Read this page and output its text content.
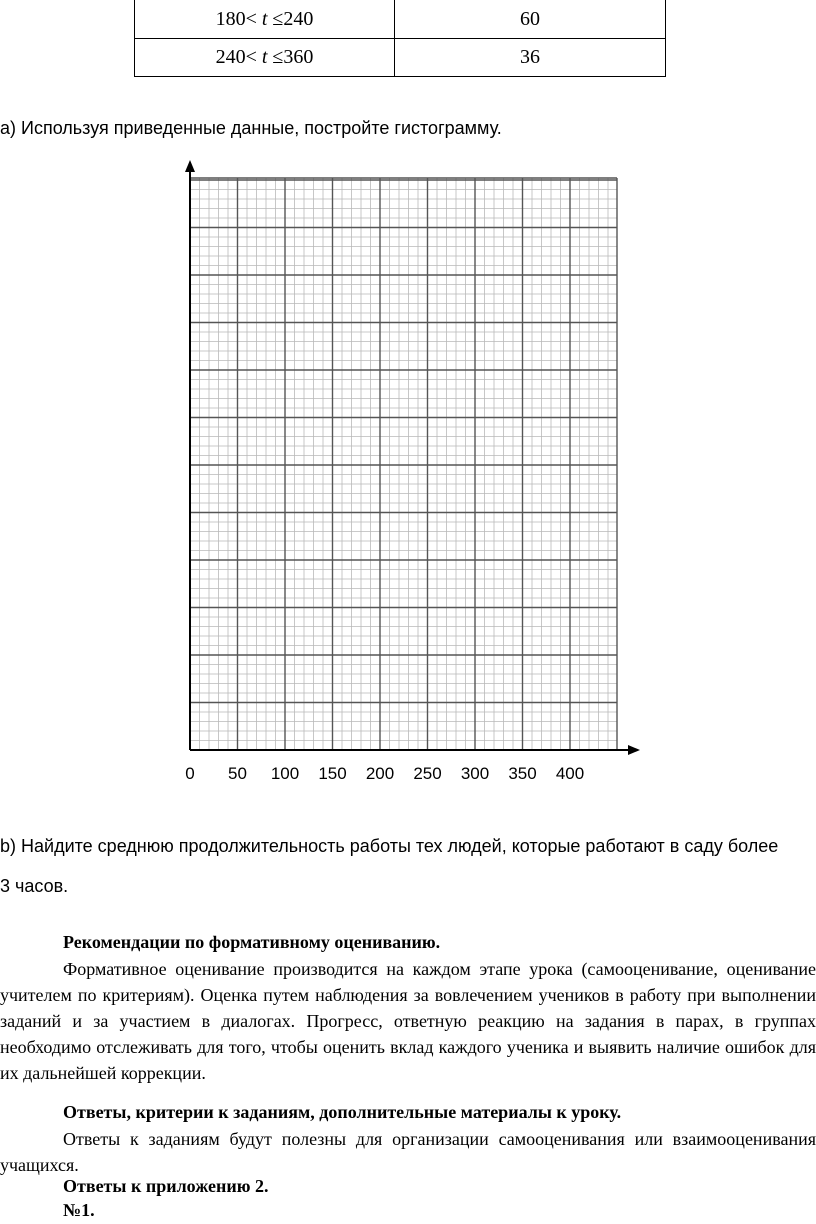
180< t ≤240	60
240< t ≤360	36
а) Используя приведенные данные, постройте гистограмму.
0 50 100 150 200 250 300 350 400
b) Найдите среднюю продолжительность работы тех людей, которые работают в саду более
3 часов.
Рекомендации по формативному оцениванию.
Формативное оценивание производится на каждом этапе урока (самооценивание, оценивание учителем по критериям). Оценка путем наблюдения за вовлечением учеников в работу при выполнении заданий и за участием в диалогах. Прогресс, ответную реакцию на задания в парах, в группах необходимо отслеживать для того, чтобы оценить вклад каждого ученика и выявить наличие ошибок для их дальнейшей коррекции.
Ответы, критерии к заданиям, дополнительные материалы к уроку.
Ответы к заданиям будут полезны для организации самооценивания или взаимооценивания учащихся.
Ответы к приложению 2.
№1.
